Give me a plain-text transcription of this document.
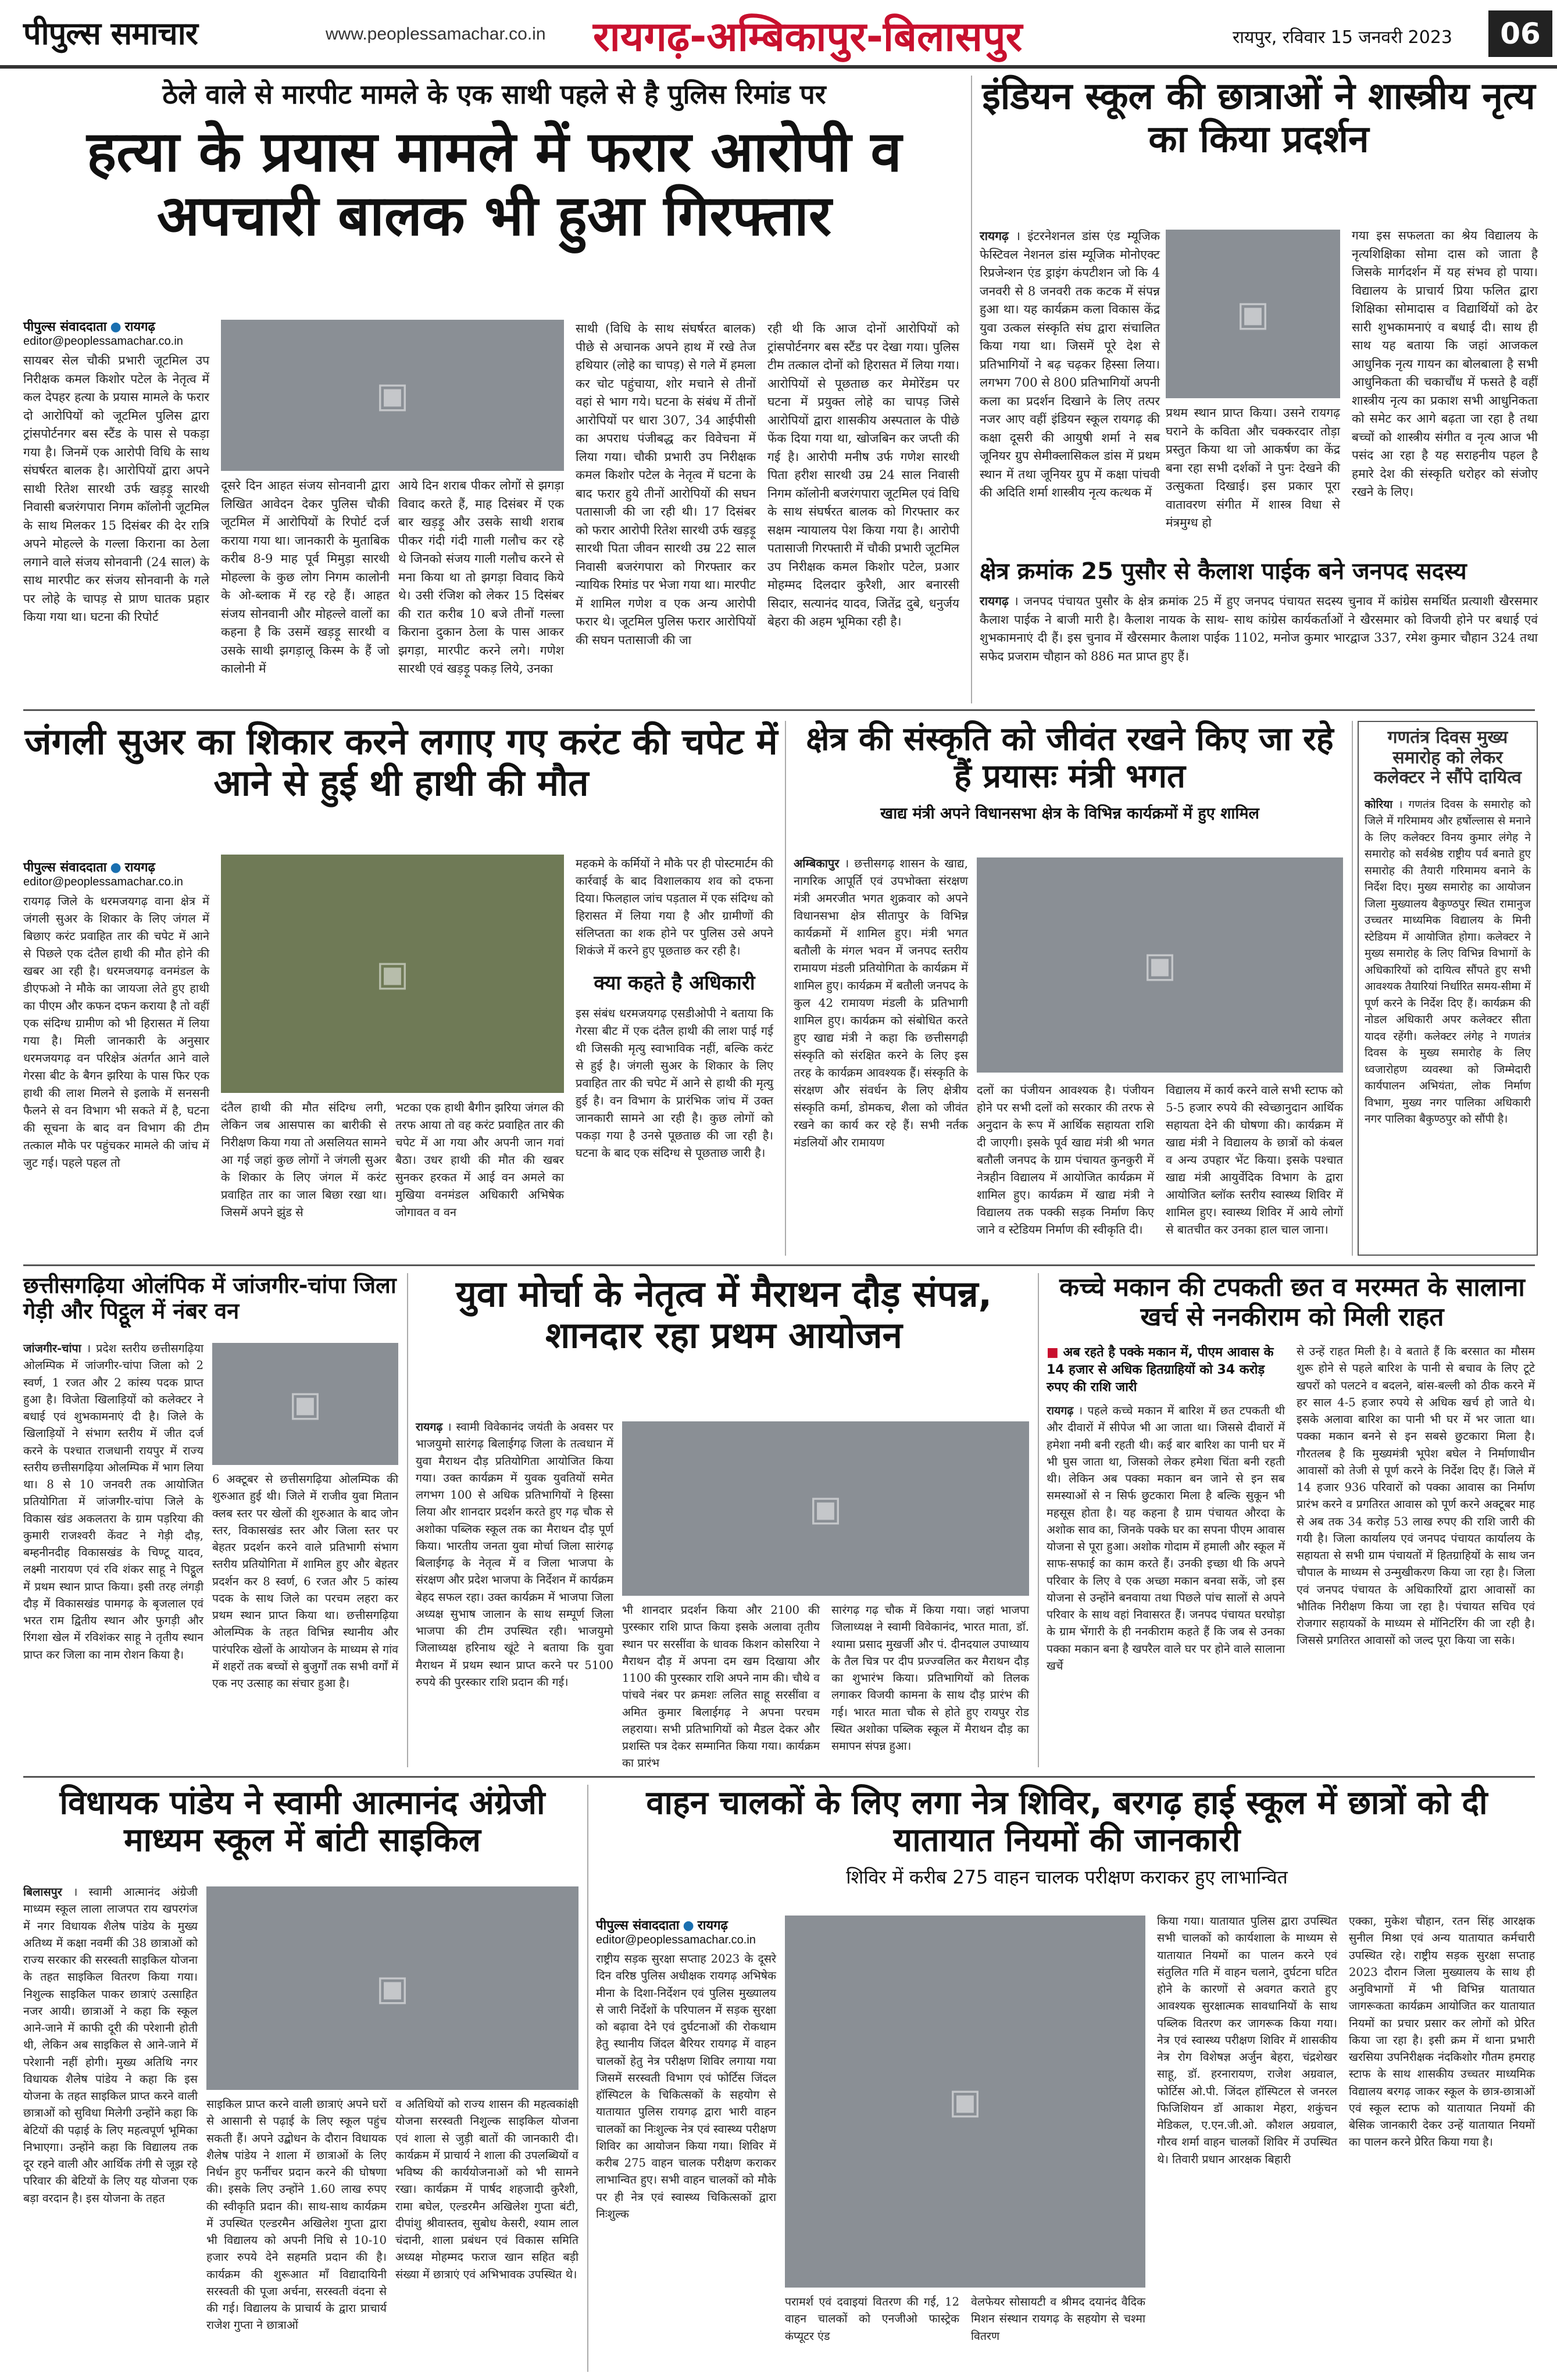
पीपुल्स समाचार	www.peoplessamachar.co.in रायगढ़-अम्बिकापुर-बिलासपुर	रायपुर, रविवार 15 जनवरी 2023	06
ठेले वाले से मारपीट मामले के एक साथी पहले से है पुलिस रिमांड पर
हत्या के प्रयास मामले में फरार आरोपी व अपचारी बालक भी हुआ गिरफ्तार
पीपुल्स संवाददाता ● रायगढ़
editor@peoplessamachar.co.in
सायबर सेल चौकी प्रभारी जूटमिल उप निरीक्षक कमल किशोर पटेल के नेतृत्व में कल देपहर हत्या के प्रयास मामले के फरार दो आरोपियों को जूटमिल पुलिस द्वारा ट्रांसपोर्टनगर बस स्टैंड के पास से पकड़ा गया है। जिनमें एक आरोपी विधि के साथ संघर्षरत बालक है। आरोपियों द्वारा अपने साथी रितेश सारथी उर्फ खड़ड़ू सारथी निवासी बजरंगपारा निगम कॉलोनी जूटमिल के साथ मिलकर 15 दिसंबर की देर रात्रि अपने मोहल्ले के गल्ला किराना का ठेला लगाने वाले संजय सोनवानी (24 साल) के साथ मारपीट कर संजय सोनवानी के गले पर लोहे के चापड़ से प्राण घातक प्रहार किया गया था। घटना की रिपोर्ट
▣
दूसरे दिन आहत संजय सोनवानी द्वारा लिखित आवेदन देकर पुलिस चौकी जूटमिल में आरोपियों के रिपोर्ट दर्ज कराया गया था। जानकारी के मुताबिक करीब 8-9 माह पूर्व मिमुड़ा सारथी मोहल्ला के कुछ लोग निगम कालोनी के ओ-ब्लाक में रह रहे हैं। आहत संजय सोनवानी और मोहल्ले वालों का कहना है कि उसमें खड़ड़ू सारथी व उसके साथी झगड़ालू किस्म के हैं जो कालोनी में
आये दिन शराब पीकर लोगों से झगड़ा विवाद करते हैं, माह दिसंबर में एक बार खड़ड़ू और उसके साथी शराब पीकर गंदी गंदी गाली गलौच कर रहे थे जिनको संजय गाली गलौच करने से मना किया था तो झगड़ा विवाद किये थे। उसी रंजिश को लेकर 15 दिसंबर की रात करीब 10 बजे तीनों गल्ला किराना दुकान ठेला के पास आकर झगड़ा, मारपीट करने लगे। गणेश सारथी एवं खड़ड़ू पकड़ लिये, उनका
साथी (विधि के साथ संघर्षरत बालक) पीछे से अचानक अपने हाथ में रखे तेज हथियार (लोहे का चापड़) से गले में हमला कर चोट पहुंचाया, शोर मचाने से तीनों वहां से भाग गये। घटना के संबंध में तीनों आरोपियों पर धारा 307, 34 आईपीसी का अपराध पंजीबद्ध कर विवेचना में लिया गया। चौकी प्रभारी उप निरीक्षक कमल किशोर पटेल के नेतृत्व में घटना के बाद फरार हुये तीनों आरोपियों की सघन पतासाजी की जा रही थी। 17 दिसंबर को फरार आरोपी रितेश सारथी उर्फ खड़ड़ू सारथी पिता जीवन सारथी उम्र 22 साल निवासी बजरंगपारा को गिरफ्तार कर न्यायिक रिमांड पर भेजा गया था। मारपीट में शामिल गणेश व एक अन्य आरोपी फरार थे। जूटमिल पुलिस फरार आरोपियों की सघन पतासाजी की जा
रही थी कि आज दोनों आरोपियों को ट्रांसपोर्टनगर बस स्टैंड पर देखा गया। पुलिस टीम तत्काल दोनों को हिरासत में लिया गया। आरोपियों से पूछताछ कर मेमोरेंडम पर घटना में प्रयुक्त लोहे का चापड़ जिसे आरोपियों द्वारा शासकीय अस्पताल के पीछे फेंक दिया गया था, खोजबिन कर जप्ती की गई है। आरोपी मनीष उर्फ गणेश सारथी पिता हरीश सारथी उम्र 24 साल निवासी निगम कॉलोनी बजरंगपारा जूटमिल एवं विधि के साथ संघर्षरत बालक को गिरफ्तार कर सक्षम न्यायालय पेश किया गया है। आरोपी पतासाजी गिरफ्तारी में चौकी प्रभारी जूटमिल उप निरीक्षक कमल किशोर पटेल, प्रआर मोहम्मद दिलदार कुरैशी, आर बनारसी सिदार, सत्यानंद यादव, जितेंद्र दुबे, धनुर्जय बेहरा की अहम भूमिका रही है।
इंडियन स्कूल की छात्राओं ने शास्त्रीय नृत्य का किया प्रदर्शन
रायगढ़ । इंटरनेशनल डांस एंड म्यूजिक फेस्टिवल नेशनल डांस म्यूजिक मोनोएक्ट रिप्रजेन्शन एंड ड्राइंग कंपटीशन जो कि 4 जनवरी से 8 जनवरी तक कटक में संपन्न हुआ था। यह कार्यक्रम कला विकास केंद्र युवा उत्कल संस्कृति संघ द्वारा संचालित किया गया था। जिसमें पूरे देश से प्रतिभागियों ने बढ़ चढ़कर हिस्सा लिया। लगभग 700 से 800 प्रतिभागियों अपनी कला का प्रदर्शन दिखाने के लिए तत्पर नजर आए वहीं इंडियन स्कूल रायगढ़ की कक्षा दूसरी की आयुषी शर्मा ने सब जूनियर ग्रुप सेमीक्लासिकल डांस में प्रथम स्थान में तथा जूनियर ग्रुप में कक्षा पांचवी की अदिति शर्मा शास्त्रीय नृत्य कत्थक में
▣
प्रथम स्थान प्राप्त किया। उसने रायगढ़ घराने के कविता और चक्करदार तोड़ा प्रस्तुत किया था जो आकर्षण का केंद्र बना रहा सभी दर्शकों ने पुनः देखने की उत्सुकता दिखाई। इस प्रकार पूरा वातावरण संगीत में शास्त्र विधा से मंत्रमुग्ध हो
गया इस सफलता का श्रेय विद्यालय के नृत्यशिक्षिका सोमा दास को जाता है जिसके मार्गदर्शन में यह संभव हो पाया। विद्यालय के प्राचार्य प्रिया फलित द्वारा शिक्षिका सोमादास व विद्यार्थियों को ढेर सारी शुभकामनाएं व बधाई दी। साथ ही साथ यह बताया कि जहां आजकल आधुनिक नृत्य गायन का बोलबाला है सभी आधुनिकता की चकाचौंध में फसते है वहीं शास्त्रीय नृत्य का प्रकाश सभी आधुनिकता को समेट कर आगे बढ़ता जा रहा है तथा बच्चों को शास्त्रीय संगीत व नृत्य आज भी पसंद आ रहा है यह सराहनीय पहल है हमारे देश की संस्कृति धरोहर को संजोए रखने के लिए।
क्षेत्र क्रमांक 25 पुसौर से कैलाश पाईक बने जनपद सदस्य
रायगढ़ । जनपद पंचायत पुसौर के क्षेत्र क्रमांक 25 में हुए जनपद पंचायत सदस्य चुनाव में कांग्रेस समर्थित प्रत्याशी खैरसमार कैलाश पाईक ने बाजी मारी है। कैलाश नायक के साथ- साथ कांग्रेस कार्यकर्ताओं ने खैरसमार को विजयी होने पर बधाई एवं शुभकामनाएं दी हैं। इस चुनाव में खैरसमार कैलाश पाईक 1102, मनोज कुमार भारद्वाज 337, रमेश कुमार चौहान 324 तथा सफेद प्रजराम चौहान को 886 मत प्राप्त हुए हैं।
जंगली सुअर का शिकार करने लगाए गए करंट की चपेट में आने से हुई थी हाथी की मौत
पीपुल्स संवाददाता ● रायगढ़
editor@peoplessamachar.co.in
रायगढ़ जिले के धरमजयगढ़ वाना क्षेत्र में जंगली सुअर के शिकार के लिए जंगल में बिछाए करंट प्रवाहित तार की चपेट में आने से पिछले एक दंतैल हाथी की मौत होने की खबर आ रही है। धरमजयगढ़ वनमंडल के डीएफओ ने मौके का जायजा लेते हुए हाथी का पीएम और कफन दफन कराया है तो वहीं एक संदिग्ध ग्रामीण को भी हिरासत में लिया गया है। मिली जानकारी के अनुसार धरमजयगढ़ वन परिक्षेत्र अंतर्गत आने वाले गेरसा बीट के बैगन झरिया के पास फिर एक हाथी की लाश मिलने से इलाके में सनसनी फैलने से वन विभाग भी सकते में है, घटना की सूचना के बाद वन विभाग की टीम तत्काल मौके पर पहुंचकर मामले की जांच में जुट गई। पहले पहल तो
▣
दंतैल हाथी की मौत संदिग्ध लगी, लेकिन जब आसपास का बारीकी से निरीक्षण किया गया तो असलियत सामने आ गई जहां कुछ लोगों ने जंगली सुअर के शिकार के लिए जंगल में करंट प्रवाहित तार का जाल बिछा रखा था। जिसमें अपने झुंड से
भटका एक हाथी बैगीन झरिया जंगल की तरफ आया तो वह करंट प्रवाहित तार की चपेट में आ गया और अपनी जान गवां बैठा। उधर हाथी की मौत की खबर सुनकर हरकत में आई वन अमले का मुखिया वनमंडल अधिकारी अभिषेक जोगावत व वन
महकमे के कर्मियों ने मौके पर ही पोस्टमार्टम की कार्रवाई के बाद विशालकाय शव को दफना दिया। फिलहाल जांच पड़ताल में एक संदिग्ध को हिरासत में लिया गया है और ग्रामीणों की संलिप्तता का शक होने पर पुलिस उसे अपने शिकंजे में करने हुए पूछताछ कर रही है।
क्या कहते है अधिकारी
इस संबंध धरमजयगढ़ एसडीओपी ने बताया कि गेरसा बीट में एक दंतैल हाथी की लाश पाई गई थी जिसकी मृत्यु स्वाभाविक नहीं, बल्कि करंट से हुई है। जंगली सुअर के शिकार के लिए प्रवाहित तार की चपेट में आने से हाथी की मृत्यु हुई है। वन विभाग के प्रारंभिक जांच में उक्त जानकारी सामने आ रही है। कुछ लोगों को पकड़ा गया है उनसे पूछताछ की जा रही है। घटना के बाद एक संदिग्ध से पूछताछ जारी है।
क्षेत्र की संस्कृति को जीवंत रखने किए जा रहे हैं प्रयासः मंत्री भगत
खाद्य मंत्री अपने विधानसभा क्षेत्र के विभिन्न कार्यक्रमों में हुए शामिल
अम्बिकापुर । छत्तीसगढ़ शासन के खाद्य, नागरिक आपूर्ति एवं उपभोक्ता संरक्षण मंत्री अमरजीत भगत शुक्रवार को अपने विधानसभा क्षेत्र सीतापुर के विभिन्न कार्यक्रमों में शामिल हुए। मंत्री भगत बतौली के मंगल भवन में जनपद स्तरीय रामायण मंडली प्रतियोगिता के कार्यक्रम में शामिल हुए। कार्यक्रम में बतौली जनपद के कुल 42 रामायण मंडली के प्रतिभागी शामिल हुए। कार्यक्रम को संबोधित करते हुए खाद्य मंत्री ने कहा कि छत्तीसगढ़ी संस्कृति को संरक्षित करने के लिए इस तरह के कार्यक्रम आवश्यक हैं। संस्कृति के संरक्षण और संवर्धन के लिए क्षेत्रीय संस्कृति कर्मा, डोमकच, शैला को जीवंत रखने का कार्य कर रहे हैं। सभी नर्तक मंडलियों और रामायण
▣
दलों का पंजीयन आवश्यक है। पंजीयन होने पर सभी दलों को सरकार की तरफ से अनुदान के रूप में आर्थिक सहायता राशि दी जाएगी। इसके पूर्व खाद्य मंत्री श्री भगत बतौली जनपद के ग्राम पंचायत कुनकुरी में नेत्रहीन विद्यालय में आयोजित कार्यक्रम में शामिल हुए। कार्यक्रम में खाद्य मंत्री ने विद्यालय तक पक्की सड़क निर्माण किए जाने व स्टेडियम निर्माण की स्वीकृति दी।
विद्यालय में कार्य करने वाले सभी स्टाफ को 5-5 हजार रुपये की स्वेच्छानुदान आर्थिक सहायता देने की घोषणा की। कार्यक्रम में खाद्य मंत्री ने विद्यालय के छात्रों को कंबल व अन्य उपहार भेंट किया। इसके पश्चात खाद्य मंत्री आयुर्वेदिक विभाग के द्वारा आयोजित ब्लॉक स्तरीय स्वास्थ्य शिविर में शामिल हुए। स्वास्थ्य शिविर में आये लोगों से बातचीत कर उनका हाल चाल जाना।
गणतंत्र दिवस मुख्य समारोह को लेकर कलेक्टर ने सौंपे दायित्व
कोरिया । गणतंत्र दिवस के समारोह को जिले में गरिमामय और हर्षोल्लास से मनाने के लिए कलेक्टर विनय कुमार लंगेह ने समारोह को सर्वश्रेष्ठ राष्ट्रीय पर्व बनाते हुए समारोह की तैयारी गरिमामय बनाने के निर्देश दिए। मुख्य समारोह का आयोजन जिला मुख्यालय बैकुण्ठपुर स्थित रामानुज उच्चतर माध्यमिक विद्यालय के मिनी स्टेडियम में आयोजित होगा। कलेक्टर ने मुख्य समारोह के लिए विभिन्न विभागों के अधिकारियों को दायित्व सौंपते हुए सभी आवश्यक तैयारियां निर्धारित समय-सीमा में पूर्ण करने के निर्देश दिए हैं। कार्यक्रम की नोडल अधिकारी अपर कलेक्टर सीता यादव रहेंगी। कलेक्टर लंगेह ने गणतंत्र दिवस के मुख्य समारोह के लिए ध्वजारोहण व्यवस्था को जिम्मेदारी कार्यपालन अभियंता, लोक निर्माण विभाग, मुख्य नगर पालिका अधिकारी नगर पालिका बैकुण्ठपुर को सौंपी है।
छत्तीसगढ़िया ओलंपिक में जांजगीर-चांपा जिला गेड़ी और पिट्ठूल में नंबर वन
जांजगीर-चांपा । प्रदेश स्तरीय छत्तीसगढ़िया ओलम्पिक में जांजगीर-चांपा जिला को 2 स्वर्ण, 1 रजत और 2 कांस्य पदक प्राप्त हुआ है। विजेता खिलाड़ियों को कलेक्टर ने बधाई एवं शुभकामनाएं दी है। जिले के खिलाड़ियों ने संभाग स्तरीय में जीत दर्ज करने के पश्चात राजधानी रायपुर में राज्य स्तरीय छत्तीसगढ़िया ओलम्पिक में भाग लिया था। 8 से 10 जनवरी तक आयोजित प्रतियोगिता में जांजगीर-चांपा जिले के विकास खंड अकलतरा के ग्राम पड़रिया की कुमारी राजश्वरी केंवट ने गेड़ी दौड़, बम्हनीनदीह विकासखंड के चिण्टू यादव, लक्ष्मी नारायण एवं रवि शंकर साहू ने पिट्ठूल में प्रथम स्थान प्राप्त किया। इसी तरह लंगड़ी दौड़ में विकासखंड पामगढ़ के बृजलाल एवं भरत राम द्वितीय स्थान और फुगड़ी और रिंगशा खेल में रविशंकर साहू ने तृतीय स्थान प्राप्त कर जिला का नाम रोशन किया है।
▣
6 अक्टूबर से छत्तीसगढ़िया ओलम्पिक की शुरुआत हुई थी। जिले में राजीव युवा मितान क्लब स्तर पर खेलों की शुरुआत के बाद जोन स्तर, विकासखंड स्तर और जिला स्तर पर बेहतर प्रदर्शन करने वाले प्रतिभागी संभाग स्तरीय प्रतियोगिता में शामिल हुए और बेहतर प्रदर्शन कर 8 स्वर्ण, 6 रजत और 5 कांस्य पदक के साथ जिले का परचम लहरा कर प्रथम स्थान प्राप्त किया था। छत्तीसगढ़िया ओलम्पिक के तहत विभिन्न स्थानीय और पारंपरिक खेलों के आयोजन के माध्यम से गांव में शहरों तक बच्चों से बुजुर्गों तक सभी वर्गों में एक नए उत्साह का संचार हुआ है।
युवा मोर्चा के नेतृत्व में मैराथन दौड़ संपन्न, शानदार रहा प्रथम आयोजन
रायगढ़ । स्वामी विवेकानंद जयंती के अवसर पर भाजयुमो सारंगढ़ बिलाईगढ़ जिला के तत्वधान में युवा मैराथन दौड़ प्रतियोगिता आयोजित किया गया। उक्त कार्यक्रम में युवक युवतियों समेत लगभग 100 से अधिक प्रतिभागियों ने हिस्सा लिया और शानदार प्रदर्शन करते हुए गढ़ चौक से अशोका पब्लिक स्कूल तक का मैराथन दौड़ पूर्ण किया। भारतीय जनता युवा मोर्चा जिला सारंगढ़ बिलाईगढ़ के नेतृत्व में व जिला भाजपा के संरक्षण और प्रदेश भाजपा के निर्देशन में कार्यक्रम बेहद सफल रहा। उक्त कार्यक्रम में भाजपा जिला अध्यक्ष सुभाष जालान के साथ सम्पूर्ण जिला भाजपा की टीम उपस्थित रही। भाजयुमो जिलाध्यक्ष हरिनाथ खूंटे ने बताया कि युवा मैराथन में प्रथम स्थान प्राप्त करने पर 5100 रुपये की पुरस्कार राशि प्रदान की गई।
▣
भी शानदार प्रदर्शन किया और 2100 की पुरस्कार राशि प्राप्त किया इसके अलावा तृतीय स्थान पर सरसींवा के धावक किशन कोसरिया ने मैराथन दौड़ में अपना दम खम दिखाया और 1100 की पुरस्कार राशि अपने नाम की। चौथे व पांचवे नंबर पर क्रमशः ललित साहू सरसींवा व अमित कुमार बिलाईगढ़ ने अपना परचम लहराया। सभी प्रतिभागियों को मैडल देकर और प्रशस्ति पत्र देकर सम्मानित किया गया। कार्यक्रम का प्रारंभ
सारंगढ़ गढ़ चौक में किया गया। जहां भाजपा जिलाध्यक्ष ने स्वामी विवेकानंद, भारत माता, डॉ. श्यामा प्रसाद मुखर्जी और पं. दीनदयाल उपाध्याय के तैल चित्र पर दीप प्रज्ज्वलित कर मैराथन दौड़ का शुभारंभ किया। प्रतिभागियों को तिलक लगाकर विजयी कामना के साथ दौड़ प्रारंभ की गई। भारत माता चौक से होते हुए रायपुर रोड स्थित अशोका पब्लिक स्कूल में मैराथन दौड़ का समापन संपन्न हुआ।
कच्चे मकान की टपकती छत व मरम्मत के सालाना खर्च से ननकीराम को मिली राहत
■ अब रहते है पक्के मकान में, पीएम आवास के 14 हजार से अधिक हितग्राहियों को 34 करोड़ रुपए की राशि जारी
रायगढ़ । पहले कच्चे मकान में बारिश में छत टपकती थी और दीवारों में सीपेज भी आ जाता था। जिससे दीवारों में हमेशा नमी बनी रहती थी। कई बार बारिश का पानी घर में भी घुस जाता था, जिसको लेकर हमेशा चिंता बनी रहती थी। लेकिन अब पक्का मकान बन जाने से इन सब समस्याओं से न सिर्फ छुटकारा मिला है बल्कि सुकून भी महसूस होता है। यह कहना है ग्राम पंचायत औरदा के अशोक साव का, जिनके पक्के घर का सपना पीएम आवास योजना से पूरा हुआ। अशोक गोदाम में हमाली और स्कूल में साफ-सफाई का काम करते हैं। उनकी इच्छा थी कि अपने परिवार के लिए वे एक अच्छा मकान बनवा सकें, जो इस योजना से उन्होंने बनवाया तथा पिछले पांच सालों से अपने परिवार के साथ वहां निवासरत हैं। जनपद पंचायत घरघोड़ा के ग्राम भेंगारी के ही ननकीराम कहते हैं कि जब से उनका पक्का मकान बना है खपरैल वाले घर पर होने वाले सालाना खर्चे
से उन्हें राहत मिली है। वे बताते हैं कि बरसात का मौसम शुरू होने से पहले बारिश के पानी से बचाव के लिए टूटे खपरों को पलटने व बदलने, बांस-बल्ली को ठीक करने में हर साल 4-5 हजार रुपये से अधिक खर्च हो जाते थे। इसके अलावा बारिश का पानी भी घर में भर जाता था। पक्का मकान बनने से इन सबसे छुटकारा मिला है। गौरतलब है कि मुख्यमंत्री भूपेश बघेल ने निर्माणाधीन आवासों को तेजी से पूर्ण करने के निर्देश दिए हैं। जिले में 14 हजार 936 परिवारों को पक्का आवास का निर्माण प्रारंभ करने व प्रगतिरत आवास को पूर्ण करने अक्टूबर माह से अब तक 34 करोड़ 53 लाख रुपए की राशि जारी की गयी है। जिला कार्यालय एवं जनपद पंचायत कार्यालय के सहायता से सभी ग्राम पंचायतों में हितग्राहियों के साथ जन चौपाल के माध्यम से उन्मुखीकरण किया जा रहा है। जिला एवं जनपद पंचायत के अधिकारियों द्वारा आवासों का भौतिक निरीक्षण किया जा रहा है। पंचायत सचिव एवं रोजगार सहायकों के माध्यम से मॉनिटरिंग की जा रही है। जिससे प्रगतिरत आवासों को जल्द पूरा किया जा सके।
विधायक पांडेय ने स्वामी आत्मानंद अंग्रेजी माध्यम स्कूल में बांटी साइकिल
बिलासपुर । स्वामी आत्मानंद अंग्रेजी माध्यम स्कूल लाला लाजपत राय खपरगंज में नगर विधायक शैलेष पांडेय के मुख्य अतिथ्य में कक्षा नवमीं की 38 छात्राओं को राज्य सरकार की सरस्वती साइकिल योजना के तहत साइकिल वितरण किया गया। निशुल्क साइकिल पाकर छात्राएं उत्साहित नजर आयी। छात्राओं ने कहा कि स्कूल आने-जाने में काफी दूरी की परेशानी होती थी, लेकिन अब साइकिल से आने-जाने में परेशानी नहीं होगी। मुख्य अतिथि नगर विधायक शैलेष पांडेय ने कहा कि इस योजना के तहत साइकिल प्राप्त करने वाली छात्राओं को सुविधा मिलेगी उन्होंने कहा कि बेटियों की पढ़ाई के लिए महत्वपूर्ण भूमिका निभाएगा। उन्होंने कहा कि विद्यालय तक दूर रहने वाली और आर्थिक तंगी से जूझ रहे परिवार की बेटियों के लिए यह योजना एक बड़ा वरदान है। इस योजना के तहत
▣
साइकिल प्राप्त करने वाली छात्राएं अपने घरों से आसानी से पढ़ाई के लिए स्कूल पहुंच सकती हैं। अपने उद्बोधन के दौरान विधायक शैलेष पांडेय ने शाला में छात्राओं के लिए निर्धन हुए फर्नीचर प्रदान करने की घोषणा की। इसके लिए उन्होंने 1.60 लाख रुपए की स्वीकृति प्रदान की। साथ-साथ कार्यक्रम में उपस्थित एल्डरमैन अखिलेश गुप्ता द्वारा भी विद्यालय को अपनी निधि से 10-10 हजार रुपये देने सहमति प्रदान की है। कार्यक्रम की शुरूआत माँ विद्यादायिनी सरस्वती की पूजा अर्चना, सरस्वती वंदना से की गई। विद्यालय के प्राचार्य के द्वारा प्राचार्य राजेश गुप्ता ने छात्राओं
व अतिथियों को राज्य शासन की महत्वकांक्षी योजना सरस्वती निशुल्क साइकिल योजना एवं शाला से जुड़ी बातों की जानकारी दी। कार्यक्रम में प्राचार्य ने शाला की उपलब्धियों व भविष्य की कार्ययोजनाओं को भी सामने रखा। कार्यक्रम में पार्षद शहजादी कुरैशी, रामा बघेल, एल्डरमैन अखिलेश गुप्ता बंटी, दीपांशु श्रीवास्तव, सुबोध केसरी, श्याम लाल चंदानी, शाला प्रबंधन एवं विकास समिति अध्यक्ष मोहम्मद फराज खान सहित बड़ी संख्या में छात्राएं एवं अभिभावक उपस्थित थे।
वाहन चालकों के लिए लगा नेत्र शिविर, बरगढ़ हाई स्कूल में छात्रों को दी यातायात नियमों की जानकारी
शिविर में करीब 275 वाहन चालक परीक्षण कराकर हुए लाभान्वित
पीपुल्स संवाददाता ● रायगढ़
editor@peoplessamachar.co.in
राष्ट्रीय सड़क सुरक्षा सप्ताह 2023 के दूसरे दिन वरिष्ठ पुलिस अधीक्षक रायगढ़ अभिषेक मीना के दिशा-निर्देशन एवं पुलिस मुख्यालय से जारी निर्देशों के परिपालन में सड़क सुरक्षा को बढ़ावा देने एवं दुर्घटनाओं की रोकथाम हेतु स्थानीय जिंदल बैरियर रायगढ़ में वाहन चालकों हेतु नेत्र परीक्षण शिविर लगाया गया जिसमें सरस्वती विभाग एवं फोर्टिस जिंदल हॉस्पिटल के चिकित्सकों के सहयोग से यातायात पुलिस रायगढ़ द्वारा भारी वाहन चालकों का निःशुल्क नेत्र एवं स्वास्थ्य परीक्षण शिविर का आयोजन किया गया। शिविर में करीब 275 वाहन चालक परीक्षण कराकर लाभान्वित हुए। सभी वाहन चालकों को मौके पर ही नेत्र एवं स्वास्थ्य चिकित्सकों द्वारा निःशुल्क
▣
परामर्श एवं दवाइयां वितरण की गई, 12 वाहन चालकों को एनजीओ फास्ट्रेक कंप्यूटर एंड
वेलफेयर सोसायटी व श्रीमद दयानंद वैदिक मिशन संस्थान रायगढ़ के सहयोग से चश्मा वितरण
किया गया। यातायात पुलिस द्वारा उपस्थित सभी चालकों को कार्यशाला के माध्यम से यातायात नियमों का पालन करने एवं संतुलित गति में वाहन चलाने, दुर्घटना घटित होने के कारणों से अवगत कराते हुए आवश्यक सुरक्षात्मक सावधानियों के साथ पब्लिक वितरण कर जागरूक किया गया। नेत्र एवं स्वास्थ्य परीक्षण शिविर में शासकीय नेत्र रोग विशेषज्ञ अर्जुन बेहरा, चंद्रशेखर साहू, डॉ. हरनारायण, राजेश अग्रवाल, फोर्टिस ओ.पी. जिंदल हॉस्पिटल से जनरल फिजिशियन डॉ आकाश मेहरा, शकुंचन मेडिकल, ए.एन.जी.ओ. कौशल अग्रवाल, गौरव शर्मा वाहन चालकों शिविर में उपस्थित थे। तिवारी प्रधान आरक्षक बिहारी
एक्का, मुकेश चौहान, रतन सिंह आरक्षक सुनील मिश्रा एवं अन्य यातायात कर्मचारी उपस्थित रहे। राष्ट्रीय सड़क सुरक्षा सप्ताह 2023 दौरान जिला मुख्यालय के साथ ही अनुविभागों में भी विभिन्न यातायात जागरूकता कार्यक्रम आयोजित कर यातायात नियमों का प्रचार प्रसार कर लोगों को प्रेरित किया जा रहा है। इसी क्रम में थाना प्रभारी खरसिया उपनिरीक्षक नंदकिशोर गौतम हमराह स्टाफ के साथ शासकीय उच्चतर माध्यमिक विद्यालय बरगढ़ जाकर स्कूल के छात्र-छात्राओं एवं स्कूल स्टाफ को यातायात नियमों की बेसिक जानकारी देकर उन्हें यातायात नियमों का पालन करने प्रेरित किया गया है।
